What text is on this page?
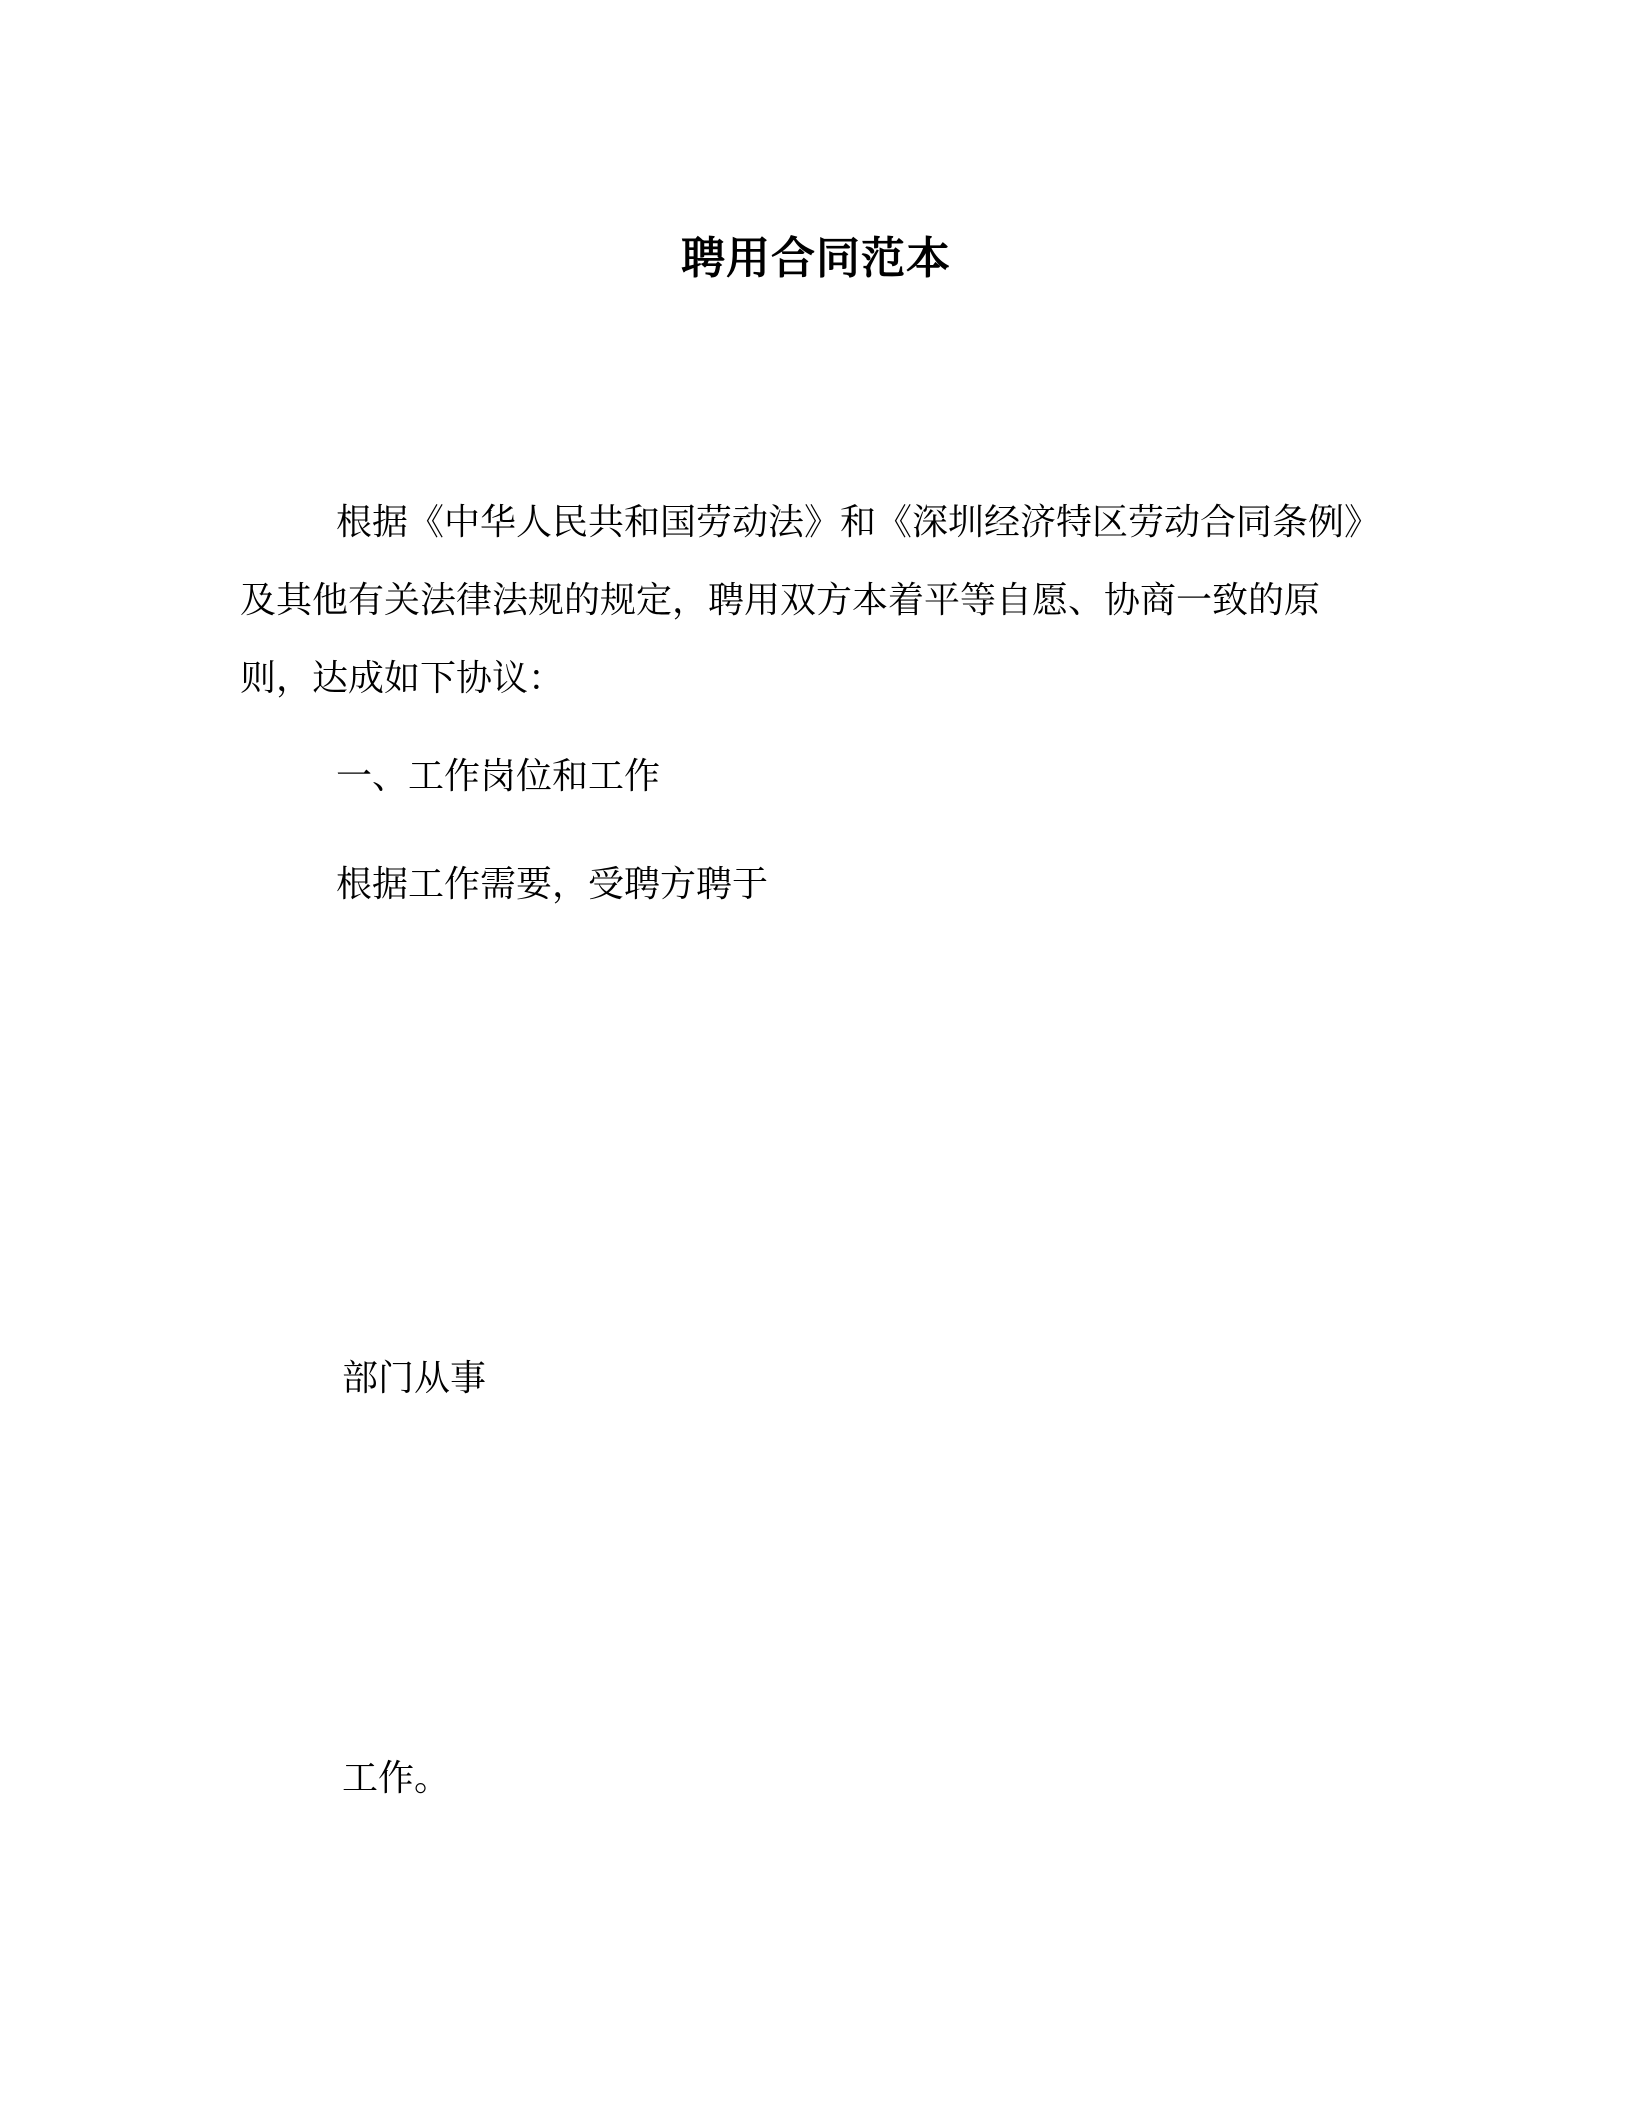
聘用合同范本
根据《中华人民共和国劳动法》和《深圳经济特区劳动合同条例》
及其他有关法律法规的规定，聘用双方本着平等自愿、协商一致的原
则，达成如下协议：
一、工作岗位和工作
根据工作需要，受聘方聘于
部门从事
工作。
